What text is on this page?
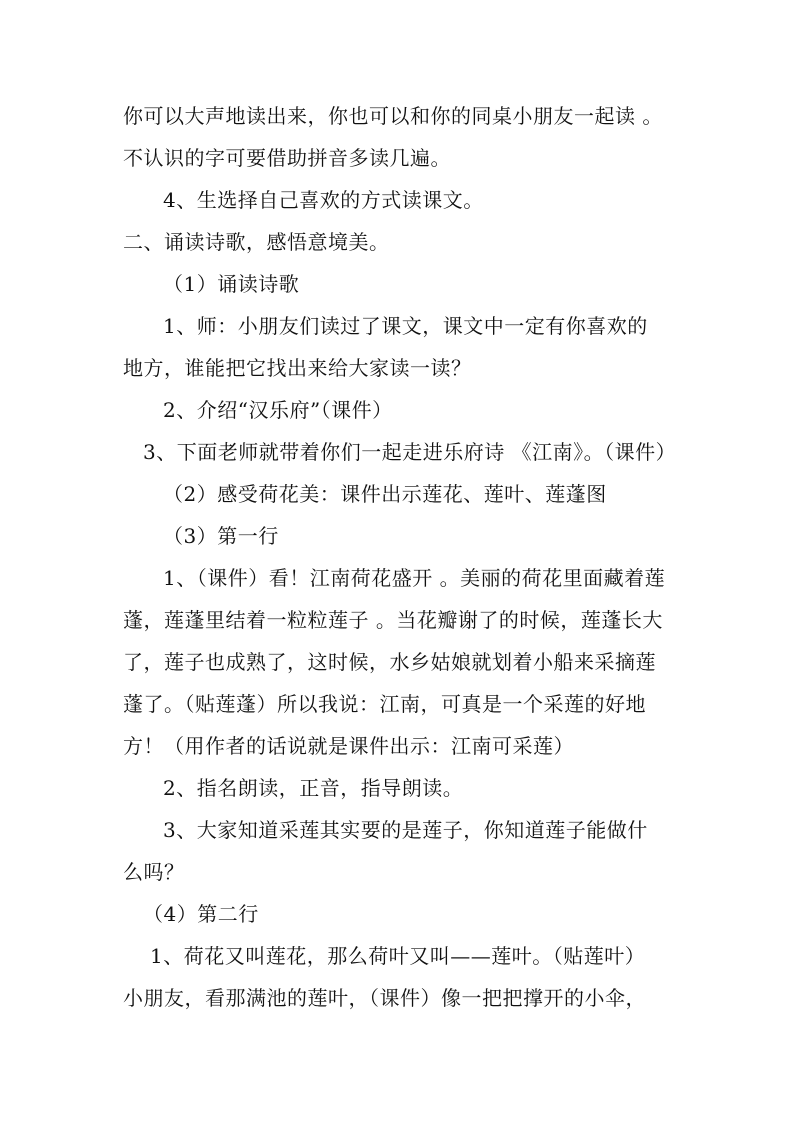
你可以大声地读出来，你也可以和你的同桌小朋友一起读 。
不认识的字可要借助拼音多读几遍。
4、生选择自己喜欢的方式读课文。
二、诵读诗歌，感悟意境美。
（1）诵读诗歌
1、师：小朋友们读过了课文，课文中一定有你喜欢的
地方，谁能把它找出来给大家读一读？
2、介绍“汉乐府”（课件）
3、下面老师就带着你们一起走进乐府诗 《江南》。（课件）
（2）感受荷花美：课件出示莲花、莲叶、莲蓬图
（3）第一行
1、（课件）看！江南荷花盛开 。美丽的荷花里面藏着莲
蓬，莲蓬里结着一粒粒莲子 。当花瓣谢了的时候，莲蓬长大
了，莲子也成熟了，这时候，水乡姑娘就划着小船来采摘莲
蓬了。（贴莲蓬）所以我说：江南，可真是一个采莲的好地
方！（用作者的话说就是课件出示：江南可采莲）
2、指名朗读，正音，指导朗读。
3、大家知道采莲其实要的是莲子，你知道莲子能做什
么吗？
（4）第二行
1、荷花又叫莲花，那么荷叶又叫——莲叶。（贴莲叶）
小朋友，看那满池的莲叶，（课件）像一把把撑开的小伞，
